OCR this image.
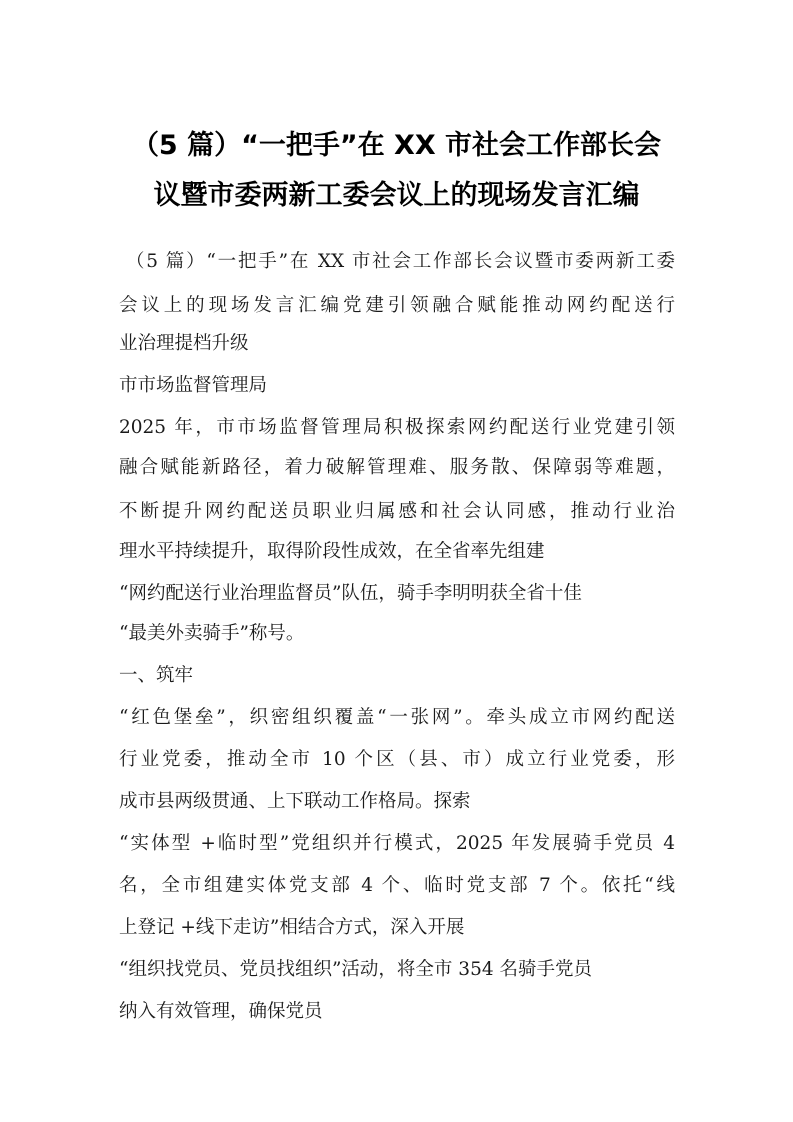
（5 篇）“一把手”在 XX 市社会工作部长会
议暨市委两新工委会议上的现场发言汇编

（5 篇）“一把手”在 XX 市社会工作部长会议暨市委两新工委

会议上的现场发言汇编党建引领融合赋能推动网约配送行

业治理提档升级

市市场监督管理局

2025 年，市市场监督管理局积极探索网约配送行业党建引领

融合赋能新路径，着力破解管理难、服务散、保障弱等难题，

不断提升网约配送员职业归属感和社会认同感，推动行业治

理水平持续提升，取得阶段性成效，在全省率先组建

“网约配送行业治理监督员”队伍，骑手李明明获全省十佳

“最美外卖骑手”称号。

一、筑牢

“红色堡垒”，织密组织覆盖“一张网”。牵头成立市网约配送

行业党委，推动全市 10 个区（县、市）成立行业党委，形

成市县两级贯通、上下联动工作格局。探索

“实体型 +临时型”党组织并行模式，2025 年发展骑手党员 4

名，全市组建实体党支部 4 个、临时党支部 7 个。依托“线

上登记 +线下走访”相结合方式，深入开展

“组织找党员、党员找组织”活动，将全市 354 名骑手党员

纳入有效管理，确保党员
